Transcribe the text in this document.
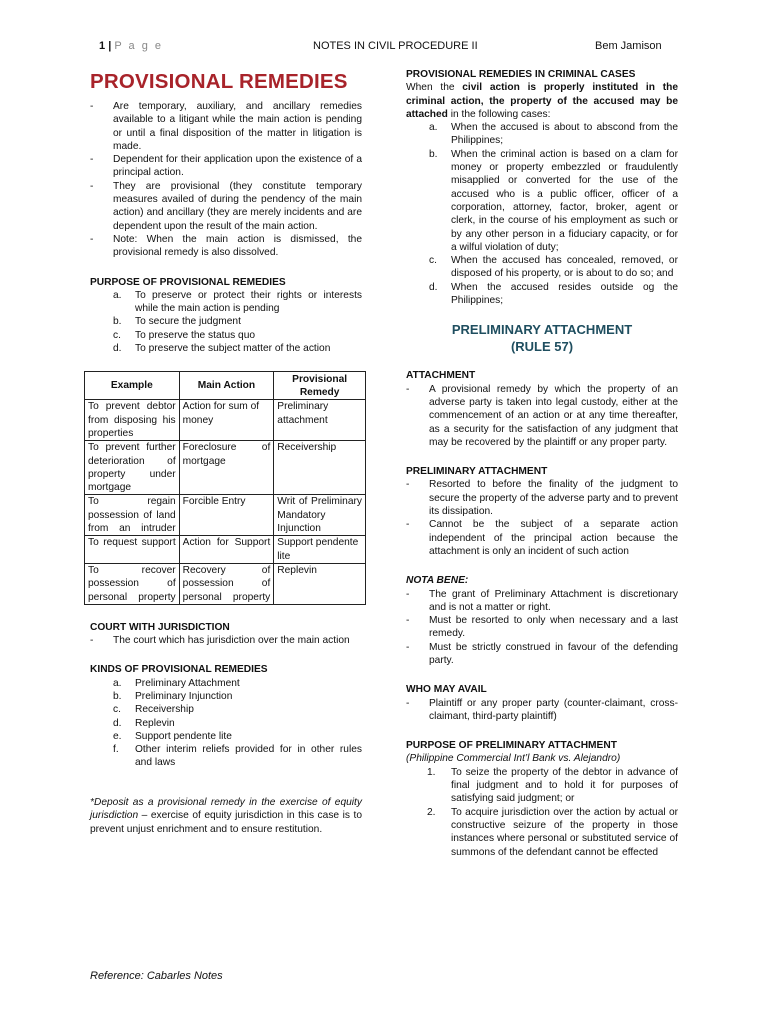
1 | P a g e	NOTES IN CIVIL PROCEDURE II	Bem Jamison
PROVISIONAL REMEDIES
- Are temporary, auxiliary, and ancillary remedies available to a litigant while the main action is pending or until a final disposition of the matter in litigation is made.
- Dependent for their application upon the existence of a principal action.
- They are provisional (they constitute temporary measures availed of during the pendency of the main action) and ancillary (they are merely incidents and are dependent upon the result of the main action.
- Note: When the main action is dismissed, the provisional remedy is also dissolved.

PURPOSE OF PROVISIONAL REMEDIES

a. To preserve or protect their rights or interests while the main action is pending
b. To secure the judgment
c. To preserve the status quo
d. To preserve the subject matter of the action
Example	Main Action	Provisional Remedy
To prevent debtor from disposing his properties	Action for sum of money	Preliminary attachment
To prevent further deterioration of property under mortgage	Foreclosure of mortgage	Receivership
To regain possession of land from an intruder	Forcible Entry	Writ of Preliminary Mandatory Injunction
To request support	Action for Support	Support pendente lite
To recover possession of personal property	Recovery of possession of personal property	Replevin

COURT WITH JURISDICTION

- The court which has jurisdiction over the main action

KINDS OF PROVISIONAL REMEDIES

a. Preliminary Attachment
b. Preliminary Injunction
c. Receivership
d. Replevin
e. Support pendente lite
f. Other interim reliefs provided for in other rules and laws

*Deposit as a provisional remedy in the exercise of equity jurisdiction – exercise of equity jurisdiction in this case is to prevent unjust enrichment and to ensure restitution.

PROVISIONAL REMEDIES IN CRIMINAL CASES

When the civil action is properly instituted in the criminal action, the property of the accused may be attached in the following cases:

a. When the accused is about to abscond from the Philippines;
b. When the criminal action is based on a clam for money or property embezzled or fraudulently misapplied or converted for the use of the accused who is a public officer, officer of a corporation, attorney, factor, broker, agent or clerk, in the course of his employment as such or by any other person in a fiduciary capacity, or for a wilful violation of duty;
c. When the accused has concealed, removed, or disposed of his property, or is about to do so; and
d. When the accused resides outside og the Philippines;

PRELIMINARY ATTACHMENT

(RULE 57)

ATTACHMENT

- A provisional remedy by which the property of an adverse party is taken into legal custody, either at the commencement of an action or at any time thereafter, as a security for the satisfaction of any judgment that may be recovered by the plaintiff or any proper party.

PRELIMINARY ATTACHMENT

- Resorted to before the finality of the judgment to secure the property of the adverse party and to prevent its dissipation.
- Cannot be the subject of a separate action independent of the principal action because the attachment is only an incident of such action

NOTA BENE:

- The grant of Preliminary Attachment is discretionary and is not a matter or right.
- Must be resorted to only when necessary and a last remedy.
- Must be strictly construed in favour of the defending party.

WHO MAY AVAIL

- Plaintiff or any proper party (counter-claimant, cross-claimant, third-party plaintiff)

PURPOSE OF PRELIMINARY ATTACHMENT

(Philippine Commercial Int’l Bank vs. Alejandro)

1. To seize the property of the debtor in advance of final judgment and to hold it for purposes of satisfying said judgment; or
2. To acquire jurisdiction over the action by actual or constructive seizure of the property in those instances where personal or substituted service of summons of the defendant cannot be effected
Reference: Cabarles Notes
